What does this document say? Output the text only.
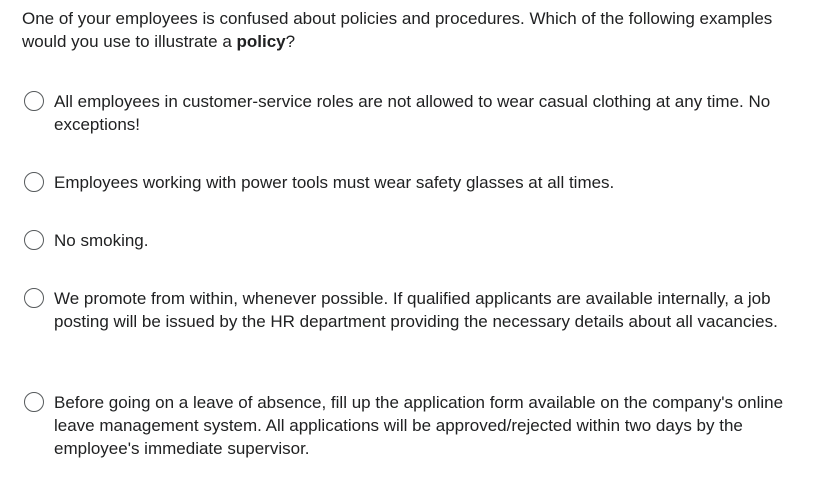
One of your employees is confused about policies and procedures. Which of the following examples would you use to illustrate a policy?

All employees in customer-service roles are not allowed to wear casual clothing at any time. No exceptions!
Employees working with power tools must wear safety glasses at all times.
No smoking.
We promote from within, whenever possible. If qualified applicants are available internally, a job posting will be issued by the HR department providing the necessary details about all vacancies.
Before going on a leave of absence, fill up the application form available on the company's online leave management system. All applications will be approved/rejected within two days by the employee's immediate supervisor.
